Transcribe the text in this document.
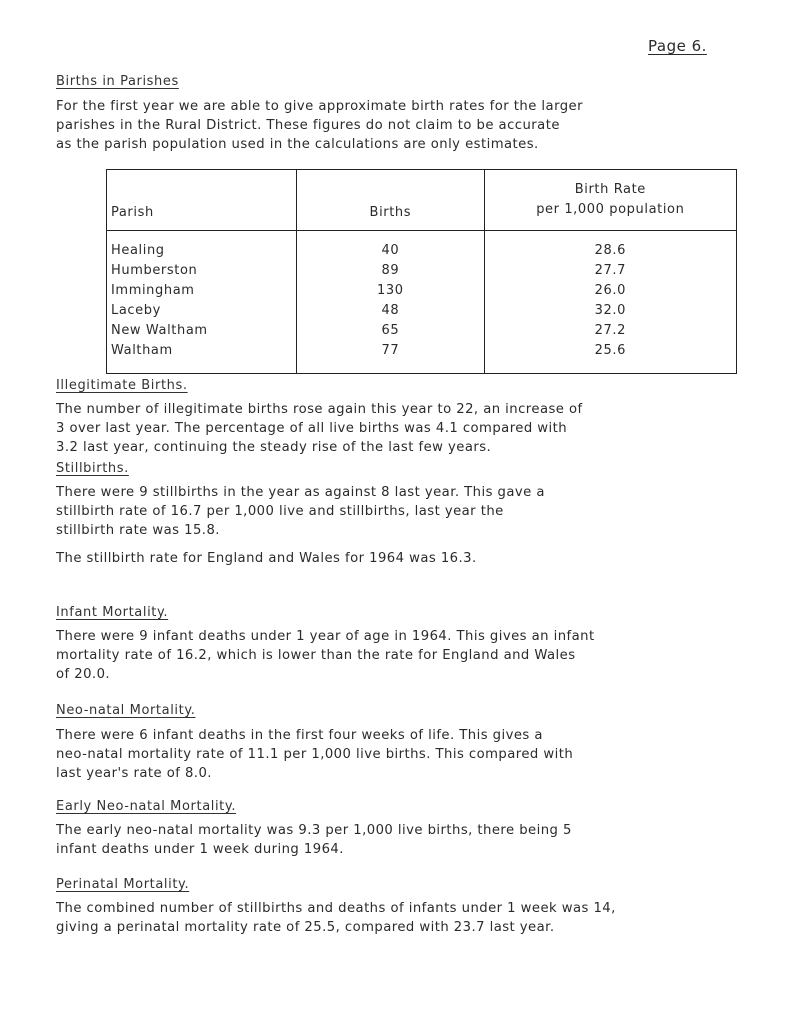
Page 6.
Births in Parishes
For the first year we are able to give approximate birth rates for the larger
parishes in the Rural District. These figures do not claim to be accurate
as the parish population used in the calculations are only estimates.
Parish	Births	Birth Rate
per 1,000 population

Healing	40	28.6
Humberston	89	27.7
Immingham	130	26.0
Laceby	48	32.0
New Waltham	65	27.2
Waltham	77	25.6
Illegitimate Births.
The number of illegitimate births rose again this year to 22, an increase of
3 over last year. The percentage of all live births was 4.1 compared with
3.2 last year, continuing the steady rise of the last few years.
Stillbirths.
There were 9 stillbirths in the year as against 8 last year. This gave a
stillbirth rate of 16.7 per 1,000 live and stillbirths, last year the
stillbirth rate was 15.8.
The stillbirth rate for England and Wales for 1964 was 16.3.
Infant Mortality.
There were 9 infant deaths under 1 year of age in 1964. This gives an infant
mortality rate of 16.2, which is lower than the rate for England and Wales
of 20.0.
Neo-natal Mortality.
There were 6 infant deaths in the first four weeks of life. This gives a
neo-natal mortality rate of 11.1 per 1,000 live births. This compared with
last year's rate of 8.0.
Early Neo-natal Mortality.
The early neo-natal mortality was 9.3 per 1,000 live births, there being 5
infant deaths under 1 week during 1964.
Perinatal Mortality.
The combined number of stillbirths and deaths of infants under 1 week was 14,
giving a perinatal mortality rate of 25.5, compared with 23.7 last year.
